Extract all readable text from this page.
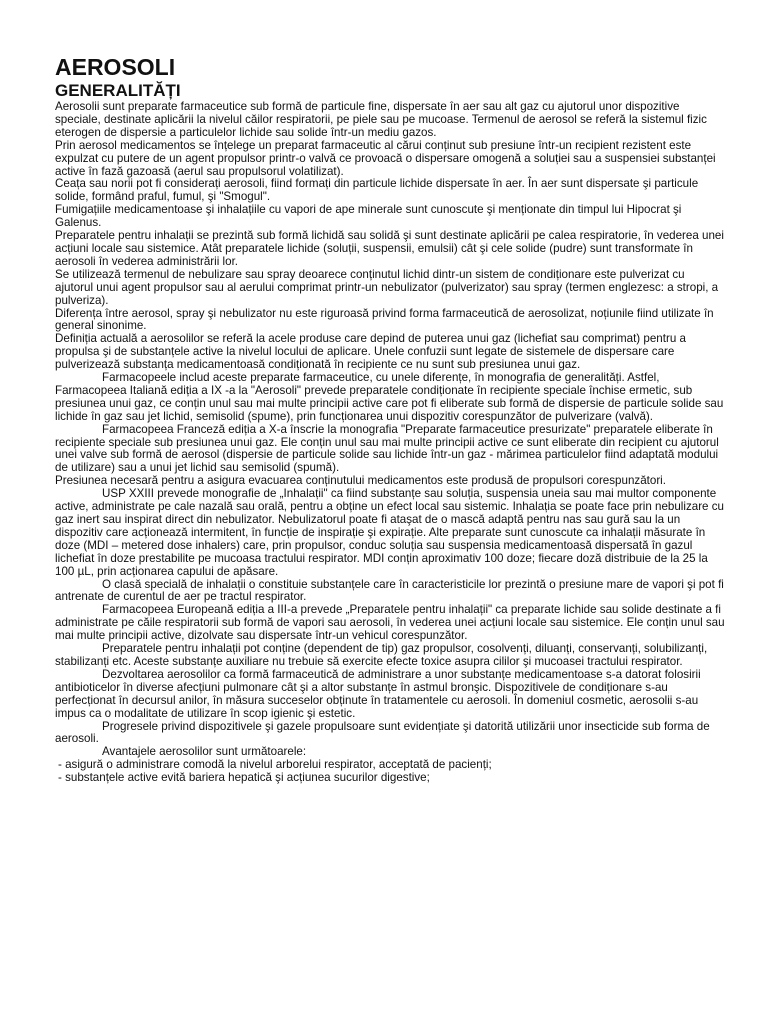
AEROSOLI
GENERALITĂȚI

Aerosolii sunt preparate farmaceutice sub formă de particule fine, dispersate în aer sau alt gaz cu ajutorul unor dispozitive speciale, destinate aplicării la nivelul căilor respiratorii, pe piele sau pe mucoase. Termenul de aerosol se referă la sistemul fizic eterogen de dispersie a particulelor lichide sau solide într-un mediu gazos.

Prin aerosol medicamentos se înțelege un preparat farmaceutic al cărui conținut sub presiune într-un recipient rezistent este expulzat cu putere de un agent propulsor printr-o valvă ce provoacă o dispersare omogenă a soluției sau a suspensiei substanței active în fază gazoasă (aerul sau propulsorul volatilizat).

Ceața sau norii pot fi considerați aerosoli, fiind formați din particule lichide dispersate în aer. În aer sunt dispersate şi particule solide, formând praful, fumul, şi "Smogul".

Fumigațiile medicamentoase şi inhalațiile cu vapori de ape minerale sunt cunoscute şi menționate din timpul lui Hipocrat şi Galenus.

Preparatele pentru inhalații se prezintă sub formă lichidă sau solidă şi sunt destinate aplicării pe calea respiratorie, în vederea unei acțiuni locale sau sistemice. Atât preparatele lichide (soluții, suspensii, emulsii) cât şi cele solide (pudre) sunt transformate în aerosoli în vederea administrării lor.

Se utilizează termenul de nebulizare sau spray deoarece conținutul lichid dintr-un sistem de condiționare este pulverizat cu ajutorul unui agent propulsor sau al aerului comprimat printr-un nebulizator (pulverizator) sau spray (termen englezesc: a stropi, a pulveriza).

Diferența între aerosol, spray şi nebulizator nu este riguroasă privind forma farmaceutică de aerosolizat, noțiunile fiind utilizate în general sinonime.

Definiția actuală a aerosolilor se referă la acele produse care depind de puterea unui gaz (lichefiat sau comprimat) pentru a propulsa şi de substanțele active la nivelul locului de aplicare. Unele confuzii sunt legate de sistemele de dispersare care pulverizează substanța medicamentoasă condiționată în recipiente ce nu sunt sub presiunea unui gaz.

Farmacopeele includ aceste preparate farmaceutice, cu unele diferențe, în monografia de generalități. Astfel, Farmacopeea Italiană ediția a IX -a la "Aerosoli" prevede preparatele condiționate în recipiente speciale închise ermetic, sub presiunea unui gaz, ce conțin unul sau mai multe principii active care pot fi eliberate sub formă de dispersie de particule solide sau lichide în gaz sau jet lichid, semisolid (spume), prin funcționarea unui dispozitiv corespunzător de pulverizare (valvă).

Farmacopeea Franceză ediția a X-a înscrie la monografia "Preparate farmaceutice presurizate" preparatele eliberate în recipiente speciale sub presiunea unui gaz. Ele conțin unul sau mai multe principii active ce sunt eliberate din recipient cu ajutorul unei valve sub formă de aerosol (dispersie de particule solide sau lichide într-un gaz - mărimea particulelor fiind adaptată modului de utilizare) sau a unui jet lichid sau semisolid (spumă).

Presiunea necesară pentru a asigura evacuarea conținutului medicamentos este produsă de propulsori corespunzători.

USP XXIII prevede monografie de „Inhalații" ca fiind substanțe sau soluția, suspensia uneia sau mai multor componente active, administrate pe cale nazală sau orală, pentru a obține un efect local sau sistemic. Inhalația se poate face prin nebulizare cu gaz inert sau inspirat direct din nebulizator. Nebulizatorul poate fi ataşat de o mască adaptă pentru nas sau gură sau la un dispozitiv care acționează intermitent, în funcție de inspirație şi expirație. Alte preparate sunt cunoscute ca inhalații măsurate în doze (MDI – metered dose inhalers) care, prin propulsor, conduc soluția sau suspensia medicamentoasă dispersată în gazul lichefiat în doze prestabilite pe mucoasa tractului respirator. MDI conțin aproximativ 100 doze; fiecare doză distribuie de la 25 la 100 µL, prin acționarea capului de apăsare.

O clasă specială de inhalații o constituie substanțele care în caracteristicile lor prezintă o presiune mare de vapori şi pot fi antrenate de curentul de aer pe tractul respirator.

Farmacopeea Europeană ediția a III-a prevede „Preparatele pentru inhalații" ca preparate lichide sau solide destinate a fi administrate pe căile respiratorii sub formă de vapori sau aerosoli, în vederea unei acțiuni locale sau sistemice. Ele conțin unul sau mai multe principii active, dizolvate sau dispersate într-un vehicul corespunzător.

Preparatele pentru inhalații pot conține (dependent de tip) gaz propulsor, cosolvenți, diluanți, conservanți, solubilizanți, stabilizanți etc. Aceste substanțe auxiliare nu trebuie să exercite efecte toxice asupra cililor şi mucoasei tractului respirator.

Dezvoltarea aerosolilor ca formă farmaceutică de administrare a unor substanțe medicamentoase s-a datorat folosirii antibioticelor în diverse afecțiuni pulmonare cât şi a altor substanțe în astmul bronşic. Dispozitivele de condiționare s-au perfecționat în decursul anilor, în măsura succeselor obținute în tratamentele cu aerosoli. În domeniul cosmetic, aerosolii s-au impus ca o modalitate de utilizare în scop igienic şi estetic.

Progresele privind dispozitivele şi gazele propulsoare sunt evidențiate şi datorită utilizării unor insecticide sub forma de aerosoli.

Avantajele aerosolilor sunt următoarele:

- asigură o administrare comodă la nivelul arborelui respirator, acceptată de pacienți;

- substanțele active evită bariera hepatică şi acțiunea sucurilor digestive;
